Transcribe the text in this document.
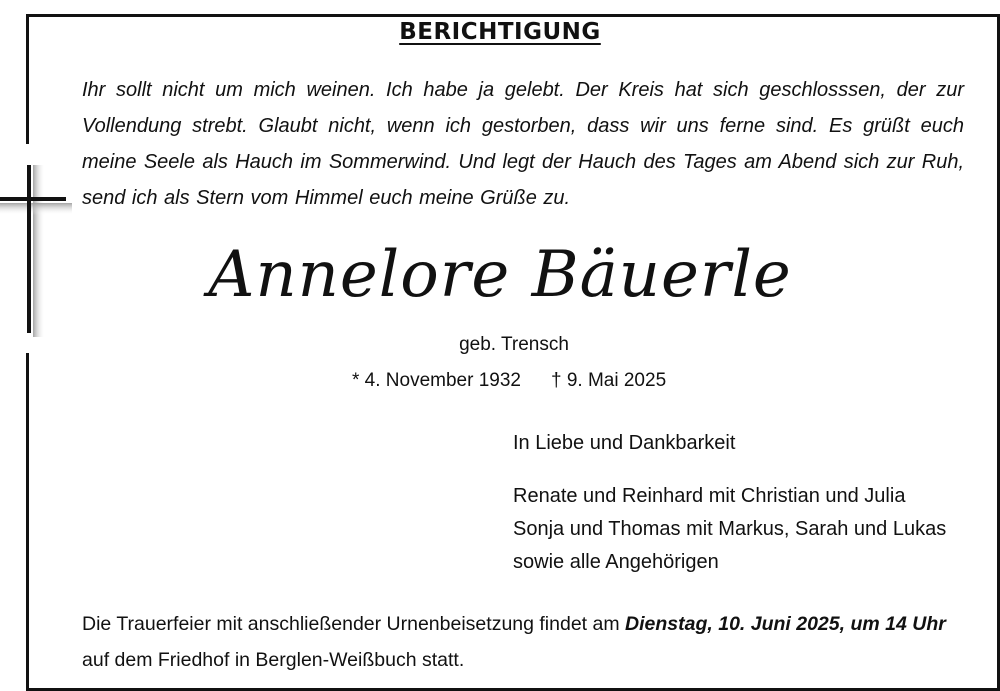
BERICHTIGUNG
Ihr sollt nicht um mich weinen. Ich habe ja gelebt. Der Kreis hat sich geschlosssen, der zur Vollendung strebt. Glaubt nicht, wenn ich gestorben, dass wir uns ferne sind. Es grüßt euch meine Seele als Hauch im Sommerwind. Und legt der Hauch des Tages am Abend sich zur Ruh, send ich als Stern vom Himmel euch meine Grüße zu.
Annelore Bäuerle
geb. Trensch
* 4. November 1932 † 9. Mai 2025
In Liebe und Dankbarkeit
Renate und Reinhard mit Christian und Julia
Sonja und Thomas mit Markus, Sarah und Lukas
sowie alle Angehörigen
Die Trauerfeier mit anschließender Urnenbeisetzung findet am Dienstag, 10. Juni 2025, um 14 Uhr
auf dem Friedhof in Berglen-Weißbuch statt.
